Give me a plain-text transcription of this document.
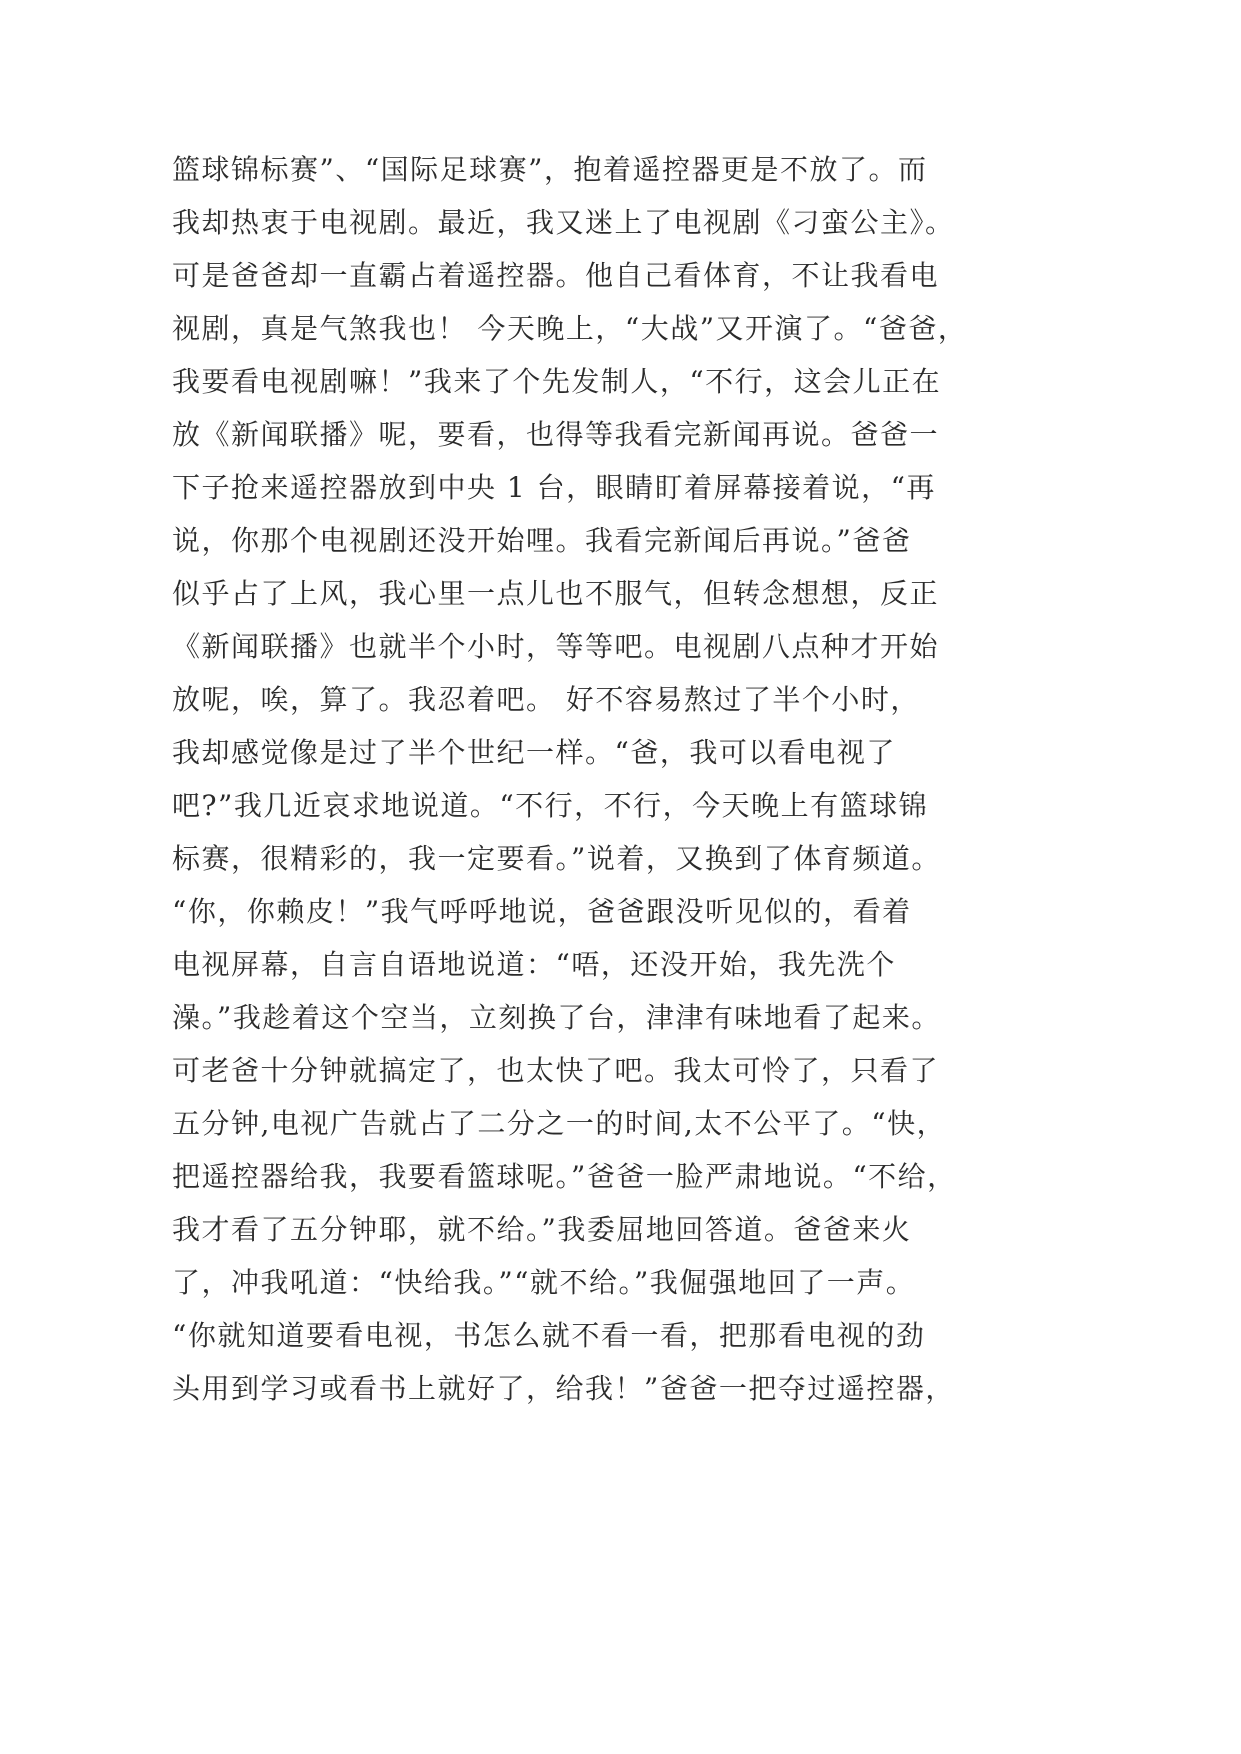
篮球锦标赛”、“国际足球赛”，抱着遥控器更是不放了。而
我却热衷于电视剧。最近，我又迷上了电视剧《刁蛮公主》。
可是爸爸却一直霸占着遥控器。他自己看体育，不让我看电
视剧，真是气煞我也！ 今天晚上，“大战”又开演了。“爸爸，
我要看电视剧嘛！”我来了个先发制人，“不行，这会儿正在
放《新闻联播》呢，要看，也得等我看完新闻再说。爸爸一
下子抢来遥控器放到中央 1 台，眼睛盯着屏幕接着说，“再
说，你那个电视剧还没开始哩。我看完新闻后再说。”爸爸
似乎占了上风，我心里一点儿也不服气，但转念想想，反正
《新闻联播》也就半个小时，等等吧。电视剧八点种才开始
放呢，唉，算了。我忍着吧。 好不容易熬过了半个小时，
我却感觉像是过了半个世纪一样。“爸，我可以看电视了
吧?”我几近哀求地说道。“不行，不行，今天晚上有篮球锦
标赛，很精彩的，我一定要看。”说着，又换到了体育频道。
“你，你赖皮！”我气呼呼地说，爸爸跟没听见似的，看着
电视屏幕，自言自语地说道：“唔，还没开始，我先洗个
澡。”我趁着这个空当，立刻换了台，津津有味地看了起来。
可老爸十分钟就搞定了，也太快了吧。我太可怜了，只看了
五分钟,电视广告就占了二分之一的时间,太不公平了。“快，
把遥控器给我，我要看篮球呢。”爸爸一脸严肃地说。“不给，
我才看了五分钟耶，就不给。”我委屈地回答道。爸爸来火
了，冲我吼道：“快给我。”“就不给。”我倔强地回了一声。
“你就知道要看电视，书怎么就不看一看，把那看电视的劲
头用到学习或看书上就好了，给我！”爸爸一把夺过遥控器，
